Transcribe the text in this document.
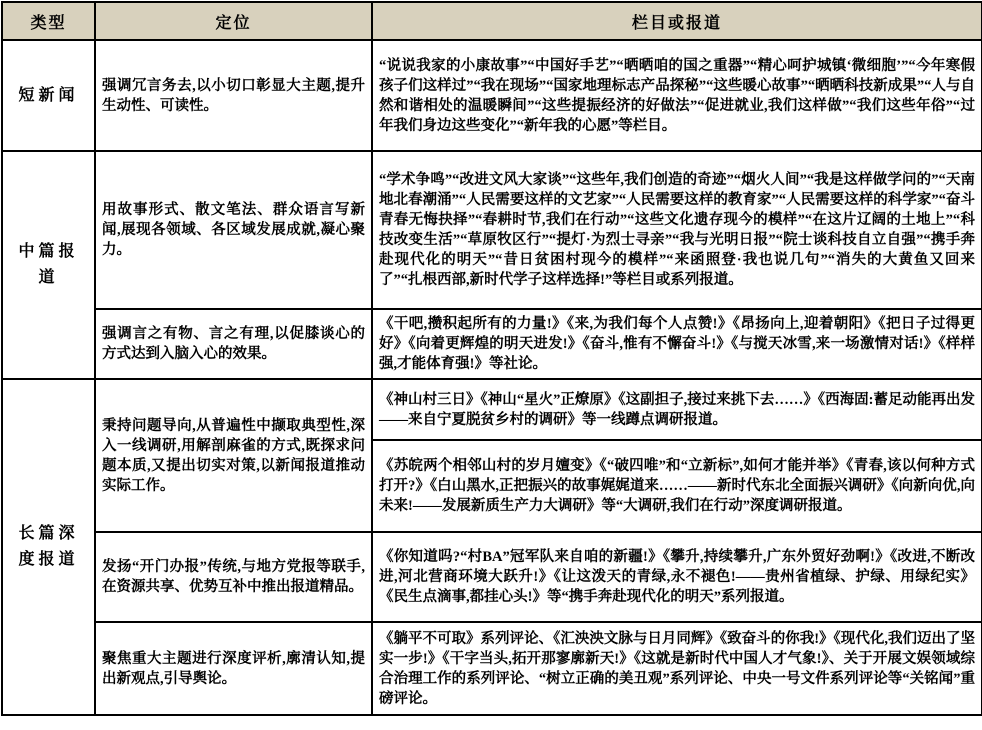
类型	定位	栏目或报道
短新闻	强调冗言务去,以小切口彰显大主题,提升生动性、可读性。	“说说我家的小康故事”“中国好手艺”“晒晒咱的国之重器”“精心呵护城镇‘微细胞’”“今年寒假孩子们这样过”“我在现场”“国家地理标志产品探秘”“这些暖心故事”“晒晒科技新成果”“人与自然和谐相处的温暖瞬间”“这些提振经济的好做法”“促进就业,我们这样做”“我们这些年俗”“过年我们身边这些变化”“新年我的心愿”等栏目。
中篇报道	用故事形式、散文笔法、群众语言写新闻,展现各领域、各区域发展成就,凝心聚力。	“学术争鸣”“改进文风大家谈”“这些年,我们创造的奇迹”“烟火人间”“我是这样做学问的”“天南地北春潮涌”“人民需要这样的文艺家”“人民需要这样的教育家”“人民需要这样的科学家”“奋斗青春无悔抉择”“春耕时节,我们在行动”“这些文化遗存现今的模样”“在这片辽阔的土地上”“科技改变生活”“草原牧区行”“提灯·为烈士寻亲”“我与光明日报”“院士谈科技自立自强”“携手奔赴现代化的明天”“昔日贫困村现今的模样”“来函照登·我也说几句”“消失的大黄鱼又回来了”“扎根西部,新时代学子这样选择!”等栏目或系列报道。
	强调言之有物、言之有理,以促膝谈心的方式达到入脑入心的效果。	《干吧,攒积起所有的力量!》《来,为我们每个人点赞!》《昂扬向上,迎着朝阳》《把日子过得更好》《向着更辉煌的明天进发!》《奋斗,惟有不懈奋斗!》《与搅天冰雪,来一场激情对话!》《样样强,才能体育强!》等社论。
长篇深度报道	秉持问题导向,从普遍性中撷取典型性,深入一线调研,用解剖麻雀的方式,既探求问题本质,又提出切实对策,以新闻报道推动实际工作。	《神山村三日》《神山“星火”正燎原》《这副担子,接过来挑下去……》《西海固:蓄足动能再出发——来自宁夏脱贫乡村的调研》等一线蹲点调研报道。
		《苏皖两个相邻山村的岁月嬗变》《“破四唯”和“立新标”,如何才能并举》《青春,该以何种方式打开?》《白山黑水,正把振兴的故事娓娓道来……——新时代东北全面振兴调研》《向新向优,向未来!——发展新质生产力大调研》等“大调研,我们在行动”深度调研报道。
	发扬“开门办报”传统,与地方党报等联手,在资源共享、优势互补中推出报道精品。	《你知道吗?“村BA”冠军队来自咱的新疆!》《攀升,持续攀升,广东外贸好劲啊!》《改进,不断改进,河北营商环境大跃升!》《让这泼天的青绿,永不褪色!——贵州省植绿、护绿、用绿纪实》《民生点滴事,都挂心头!》等“携手奔赴现代化的明天”系列报道。
	聚焦重大主题进行深度评析,廓清认知,提出新观点,引导舆论。	《躺平不可取》系列评论、《汇泱泱文脉与日月同辉》《致奋斗的你我!》《现代化,我们迈出了坚实一步!》《干字当头,拓开那寥廓新天!》《这就是新时代中国人才气象!》、关于开展文娱领域综合治理工作的系列评论、“树立正确的美丑观”系列评论、中央一号文件系列评论等“关铭闻”重磅评论。
